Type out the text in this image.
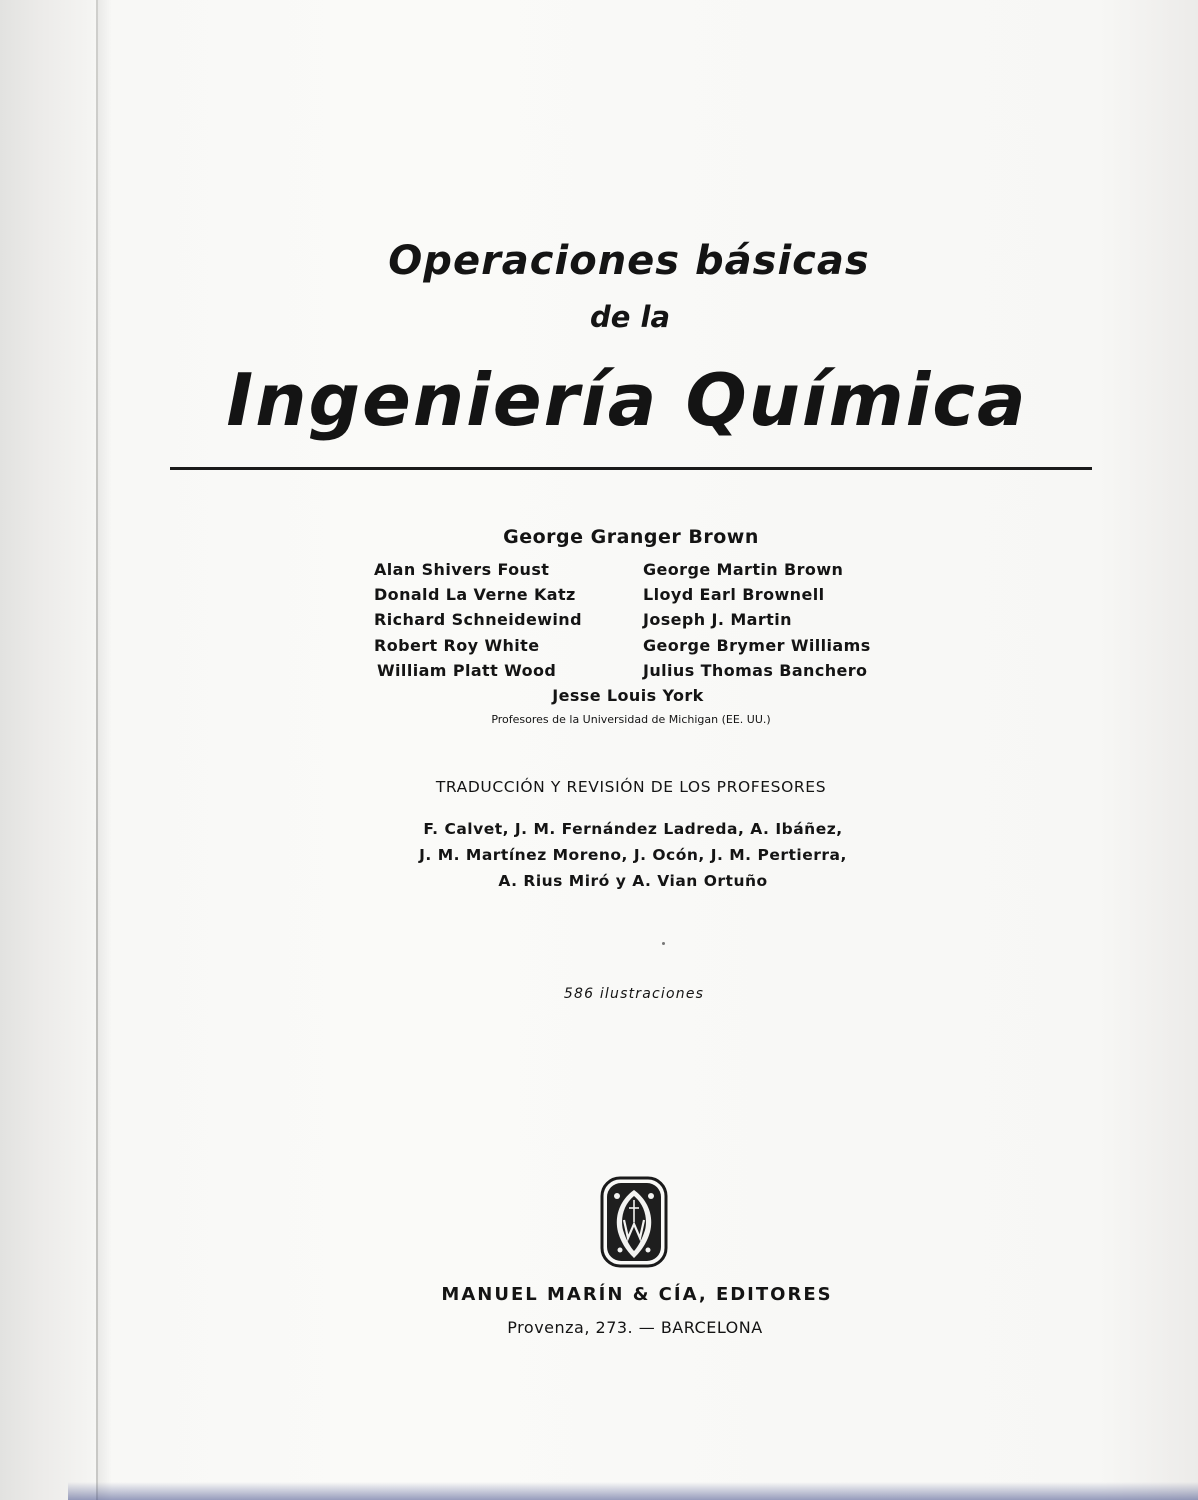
Operaciones básicas
de la
Ingeniería Química
George Granger Brown
Alan Shivers Foust	George Martin Brown
Donald La Verne Katz	Lloyd Earl Brownell
Richard Schneidewind	Joseph J. Martin
Robert Roy White	George Brymer Williams
William Platt Wood	Julius Thomas Banchero
Jesse Louis York
Profesores de la Universidad de Michigan (EE. UU.)
TRADUCCIÓN Y REVISIÓN DE LOS PROFESORES
F. Calvet, J. M. Fernández Ladreda, A. Ibáñez,
J. M. Martínez Moreno, J. Ocón, J. M. Pertierra,
A. Rius Miró y A. Vian Ortuño
586 ilustraciones
MANUEL MARÍN & CÍA, EDITORES
Provenza, 273. — BARCELONA
